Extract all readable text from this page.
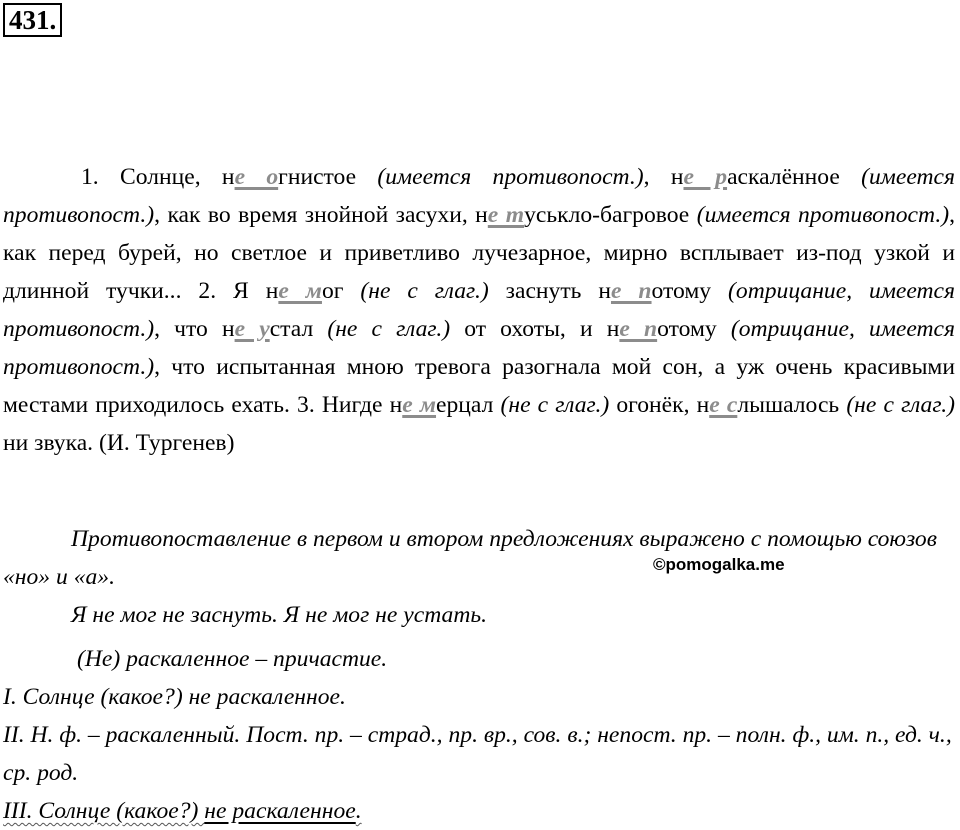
431.

1. Солнце, не огнистое (имеется противопост.), не раскалённое (имеется противопост.), как во время знойной засухи, не туськло-багровое (имеется противопост.), как перед бурей, но светлое и приветливо лучезарное, мирно всплывает из-под узкой и длинной тучки... 2. Я не мог (не с глаг.) заснуть не потому (отрицание, имеется противопост.), что не устал (не с глаг.) от охоты, и не потому (отрицание, имеется противопост.), что испытанная мною тревога разогнала мой сон, а уж очень красивыми местами приходилось ехать. 3. Нигде не мерцал (не с глаг.) огонёк, не слышалось (не с глаг.) ни звука. (И. Тургенев)

Противопоставление в первом и втором предложениях выражено с помощью союзов «но» и «а».

Я не мог не заснуть. Я не мог не устать.

(Не) раскаленное – причастие.

I. Солнце (какое?) не раскаленное.

II. Н. ф. – раскаленный. Пост. пр. – страд., пр. вр., сов. в.; непост. пр. – полн. ф., им. п., ед. ч., ср. род.

III. Солнце (какое?) не раскаленное.

©pomogalka.me
